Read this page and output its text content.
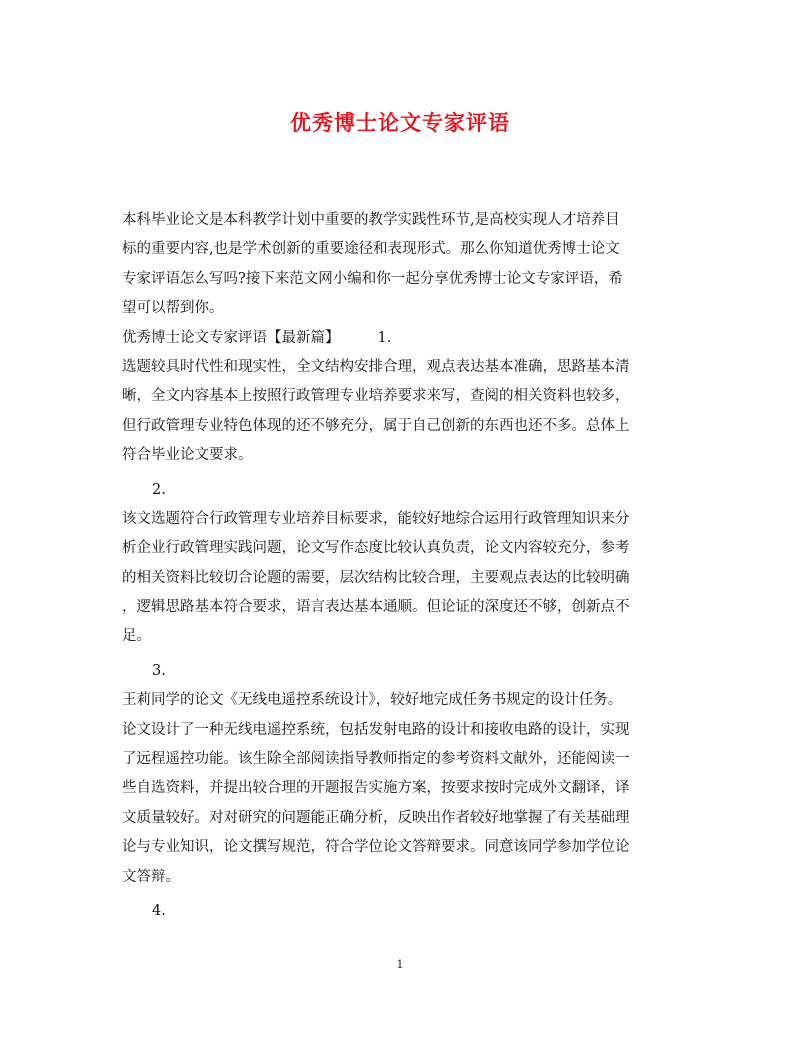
优秀博士论文专家评语
本科毕业论文是本科教学计划中重要的教学实践性环节,是高校实现人才培养目
标的重要内容,也是学术创新的重要途径和表现形式。那么你知道优秀博士论文
专家评语怎么写吗?接下来范文网小编和你一起分享优秀博士论文专家评语，希
望可以帮到你。
优秀博士论文专家评语【最新篇】	1.
选题较具时代性和现实性，全文结构安排合理，观点表达基本准确，思路基本清
晰，全文内容基本上按照行政管理专业培养要求来写，查阅的相关资料也较多，
但行政管理专业特色体现的还不够充分，属于自己创新的东西也还不多。总体上
符合毕业论文要求。
2.
该文选题符合行政管理专业培养目标要求，能较好地综合运用行政管理知识来分
析企业行政管理实践问题，论文写作态度比较认真负责，论文内容较充分，参考
的相关资料比较切合论题的需要，层次结构比较合理，主要观点表达的比较明确
，逻辑思路基本符合要求，语言表达基本通顺。但论证的深度还不够，创新点不
足。
3.
王莉同学的论文《无线电遥控系统设计》，较好地完成任务书规定的设计任务。
论文设计了一种无线电遥控系统，包括发射电路的设计和接收电路的设计，实现
了远程遥控功能。该生除全部阅读指导教师指定的参考资料文献外，还能阅读一
些自选资料，并提出较合理的开题报告实施方案，按要求按时完成外文翻译，译
文质量较好。对对研究的问题能正确分析，反映出作者较好地掌握了有关基础理
论与专业知识，论文撰写规范，符合学位论文答辩要求。同意该同学参加学位论
文答辩。
4.
1
